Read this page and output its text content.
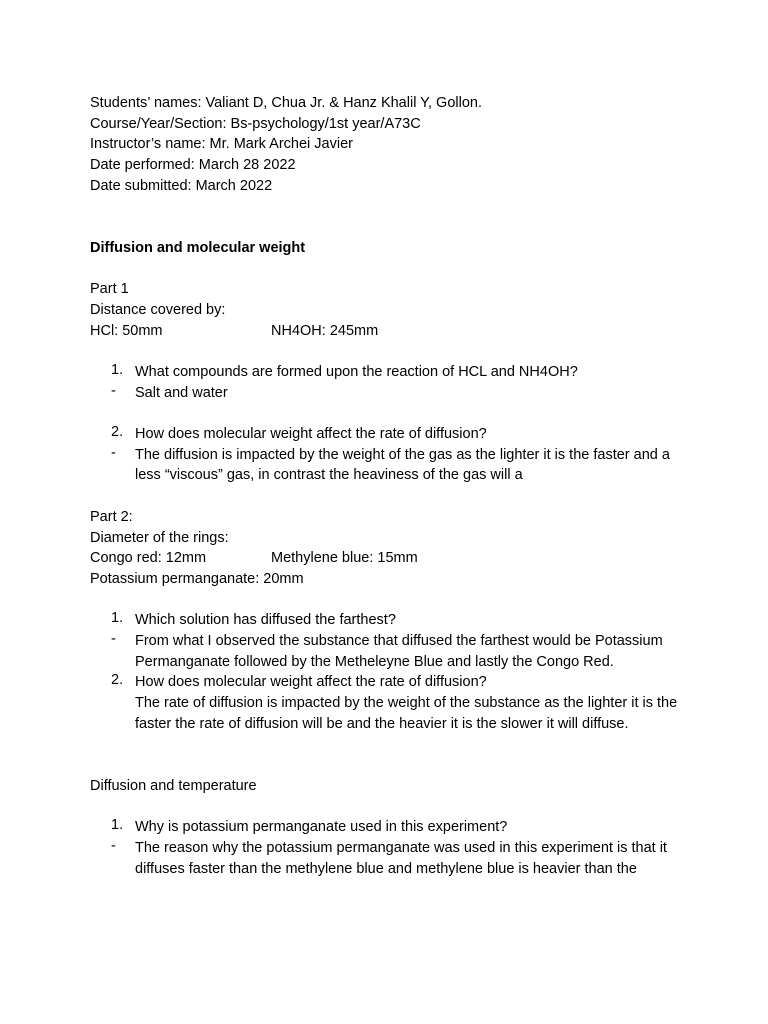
Students’ names: Valiant D, Chua Jr. & Hanz Khalil Y, Gollon.
Course/Year/Section: Bs-psychology/1st year/A73C
Instructor’s name: Mr. Mark Archei Javier
Date performed: March 28 2022
Date submitted: March 2022
Diffusion and molecular weight
Part 1
Distance covered by:
HCl: 50mm	NH4OH: 245mm
1. What compounds are formed upon the reaction of HCL and NH4OH?
- Salt and water
2. How does molecular weight affect the rate of diffusion?
- The diffusion is impacted by the weight of the gas as the lighter it is the faster and a less “viscous” gas, in contrast the heaviness of the gas will a
Part 2:
Diameter of the rings:
Congo red: 12mm	Methylene blue: 15mm
Potassium permanganate: 20mm
1. Which solution has diffused the farthest?
- From what I observed the substance that diffused the farthest would be Potassium Permanganate followed by the Metheleyne Blue and lastly the Congo Red.
2. How does molecular weight affect the rate of diffusion?
The rate of diffusion is impacted by the weight of the substance as the lighter it is the faster the rate of diffusion will be and the heavier it is the slower it will diffuse.
Diffusion and temperature
1. Why is potassium permanganate used in this experiment?
- The reason why the potassium permanganate was used in this experiment is that it diffuses faster than the methylene blue and methylene blue is heavier than the
